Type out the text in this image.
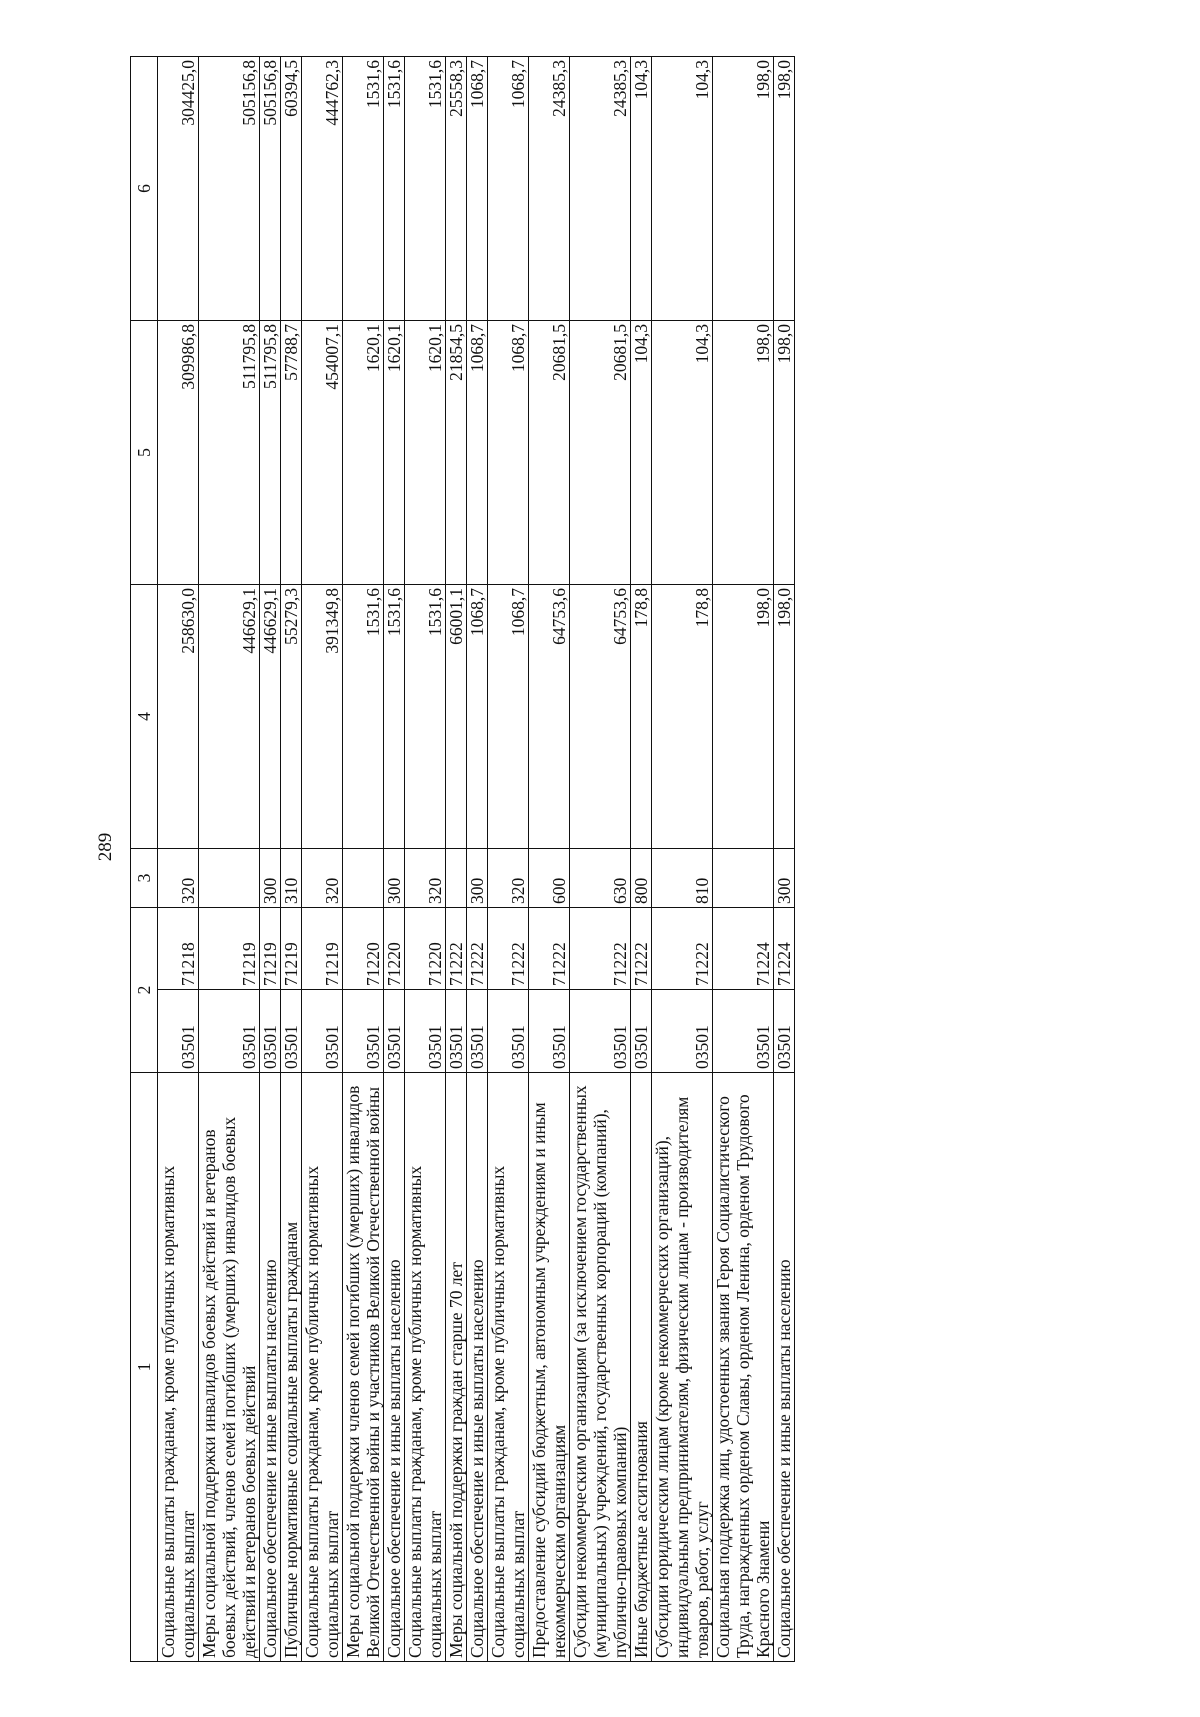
289
1	2		3	4	5	6
Социальные выплаты гражданам, кроме публичных нормативных социальных выплат	03501	71218	320	258630,0	309986,8	304425,0
Меры социальной поддержки инвалидов боевых действий и ветеранов боевых действий, членов семей погибших (умерших) инвалидов боевых действий и ветеранов боевых действий	03501	71219		446629,1	511795,8	505156,8
Социальное обеспечение и иные выплаты населению	03501	71219	300	446629,1	511795,8	505156,8
Публичные нормативные социальные выплаты гражданам	03501	71219	310	55279,3	57788,7	60394,5
Социальные выплаты гражданам, кроме публичных нормативных социальных выплат	03501	71219	320	391349,8	454007,1	444762,3
Меры социальной поддержки членов семей погибших (умерших) инвалидов Великой Отечественной войны и участников Великой Отечественной войны	03501	71220		1531,6	1620,1	1531,6
Социальное обеспечение и иные выплаты населению	03501	71220	300	1531,6	1620,1	1531,6
Социальные выплаты гражданам, кроме публичных нормативных социальных выплат	03501	71220	320	1531,6	1620,1	1531,6
Меры социальной поддержки граждан старше 70 лет	03501	71222		66001,1	21854,5	25558,3
Социальное обеспечение и иные выплаты населению	03501	71222	300	1068,7	1068,7	1068,7
Социальные выплаты гражданам, кроме публичных нормативных социальных выплат	03501	71222	320	1068,7	1068,7	1068,7
Предоставление субсидий бюджетным, автономным учреждениям и иным некоммерческим организациям	03501	71222	600	64753,6	20681,5	24385,3
Субсидии некоммерческим организациям (за исключением государственных (муниципальных) учреждений, государственных корпораций (компаний), публично-правовых компаний)	03501	71222	630	64753,6	20681,5	24385,3
Иные бюджетные ассигнования	03501	71222	800	178,8	104,3	104,3
Субсидии юридическим лицам (кроме некоммерческих организаций), индивидуальным предпринимателям, физическим лицам - производителям товаров, работ, услуг	03501	71222	810	178,8	104,3	104,3
Социальная поддержка лиц, удостоенных звания Героя Социалистического Труда, награжденных орденом Славы, орденом Ленина, орденом Трудового Красного Знамени	03501	71224		198,0	198,0	198,0
Социальное обеспечение и иные выплаты населению	03501	71224	300	198,0	198,0	198,0
